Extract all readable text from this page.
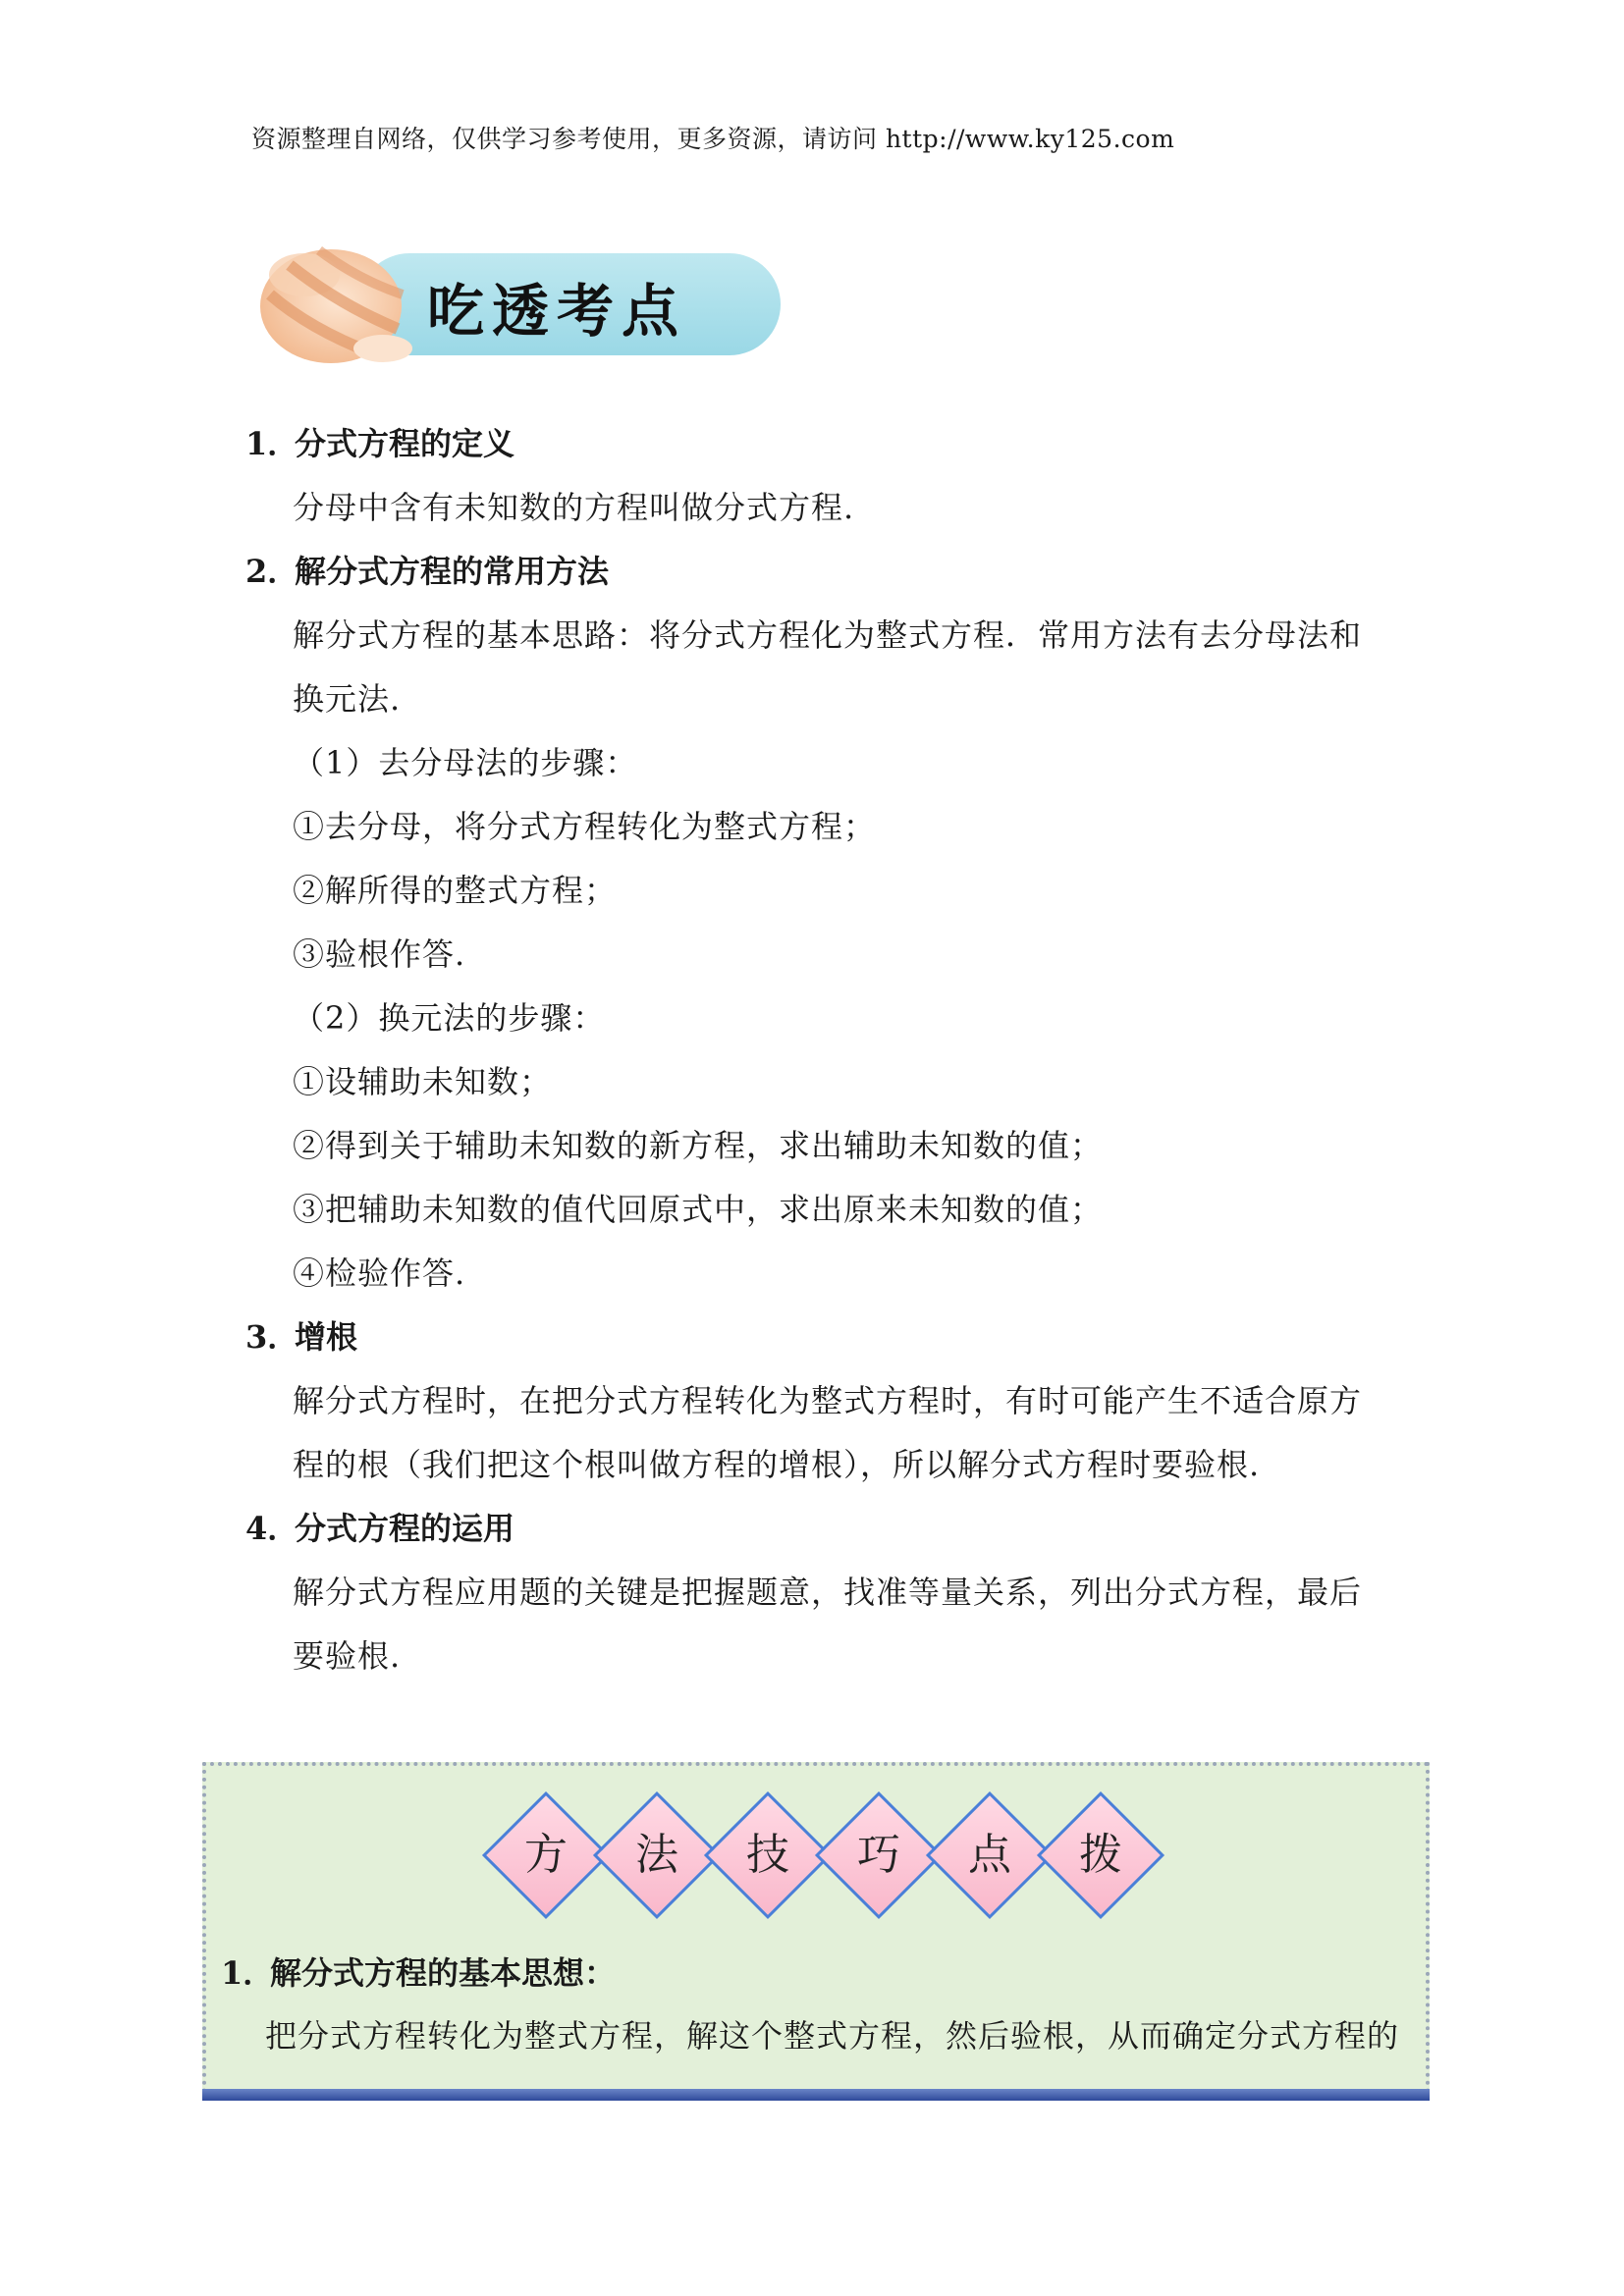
资源整理自网络，仅供学习参考使用，更多资源，请访问 http://www.ky125.com
吃透考点
1．分式方程的定义
分母中含有未知数的方程叫做分式方程.
2．解分式方程的常用方法
解分式方程的基本思路：将分式方程化为整式方程．常用方法有去分母法和
换元法.
（1）去分母法的步骤：
①去分母，将分式方程转化为整式方程；
②解所得的整式方程；
③验根作答.
（2）换元法的步骤：
①设辅助未知数；
②得到关于辅助未知数的新方程，求出辅助未知数的值；
③把辅助未知数的值代回原式中，求出原来未知数的值；
④检验作答.
3．增根
解分式方程时，在把分式方程转化为整式方程时，有时可能产生不适合原方
程的根（我们把这个根叫做方程的增根），所以解分式方程时要验根.
4．分式方程的运用
解分式方程应用题的关键是把握题意，找准等量关系，列出分式方程，最后
要验根.
方	法	技	巧	点	拨
1．解分式方程的基本思想：
把分式方程转化为整式方程，解这个整式方程，然后验根，从而确定分式方程的
